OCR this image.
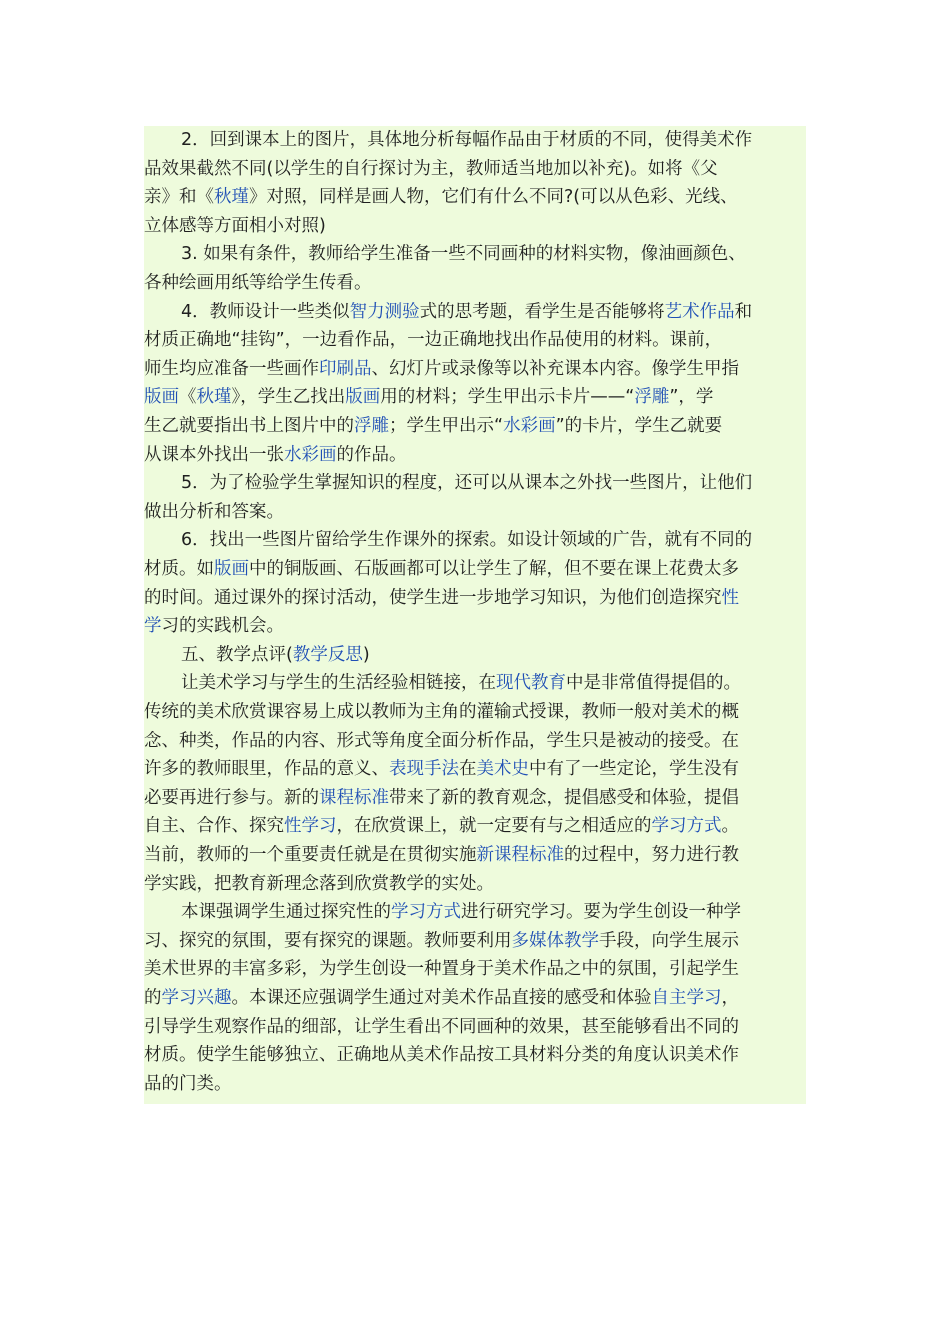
2．回到课本上的图片，具体地分析每幅作品由于材质的不同，使得美术作

品效果截然不同(以学生的自行探讨为主，教师适当地加以补充)。如将《父

亲》和《秋瑾》对照，同样是画人物，它们有什么不同?(可以从色彩、光线、

立体感等方面相小对照)

3. 如果有条件，教师给学生准备一些不同画种的材料实物，像油画颜色、

各种绘画用纸等给学生传看。

4．教师设计一些类似智力测验式的思考题，看学生是否能够将艺术作品和

材质正确地“挂钩”，一边看作品，一边正确地找出作品使用的材料。课前，

师生均应准备一些画作印刷品、幻灯片或录像等以补充课本内容。像学生甲指

版画《秋瑾》，学生乙找出版画用的材料；学生甲出示卡片——“浮雕”，学

生乙就要指出书上图片中的浮雕；学生甲出示“水彩画”的卡片，学生乙就要

从课本外找出一张水彩画的作品。

5．为了检验学生掌握知识的程度，还可以从课本之外找一些图片，让他们

做出分析和答案。

6．找出一些图片留给学生作课外的探索。如设计领域的广告，就有不同的

材质。如版画中的铜版画、石版画都可以让学生了解，但不要在课上花费太多

的时间。通过课外的探讨活动，使学生进一步地学习知识，为他们创造探究性

学习的实践机会。

五、教学点评(教学反思)

让美术学习与学生的生活经验相链接，在现代教育中是非常值得提倡的。

传统的美术欣赏课容易上成以教师为主角的灌输式授课，教师一般对美术的概

念、种类，作品的内容、形式等角度全面分析作品，学生只是被动的接受。在

许多的教师眼里，作品的意义、表现手法在美术史中有了一些定论，学生没有

必要再进行参与。新的课程标准带来了新的教育观念，提倡感受和体验，提倡

自主、合作、探究性学习，在欣赏课上，就一定要有与之相适应的学习方式。

当前，教师的一个重要责任就是在贯彻实施新课程标准的过程中，努力进行教

学实践，把教育新理念落到欣赏教学的实处。

本课强调学生通过探究性的学习方式进行研究学习。要为学生创设一种学

习、探究的氛围，要有探究的课题。教师要利用多媒体教学手段，向学生展示

美术世界的丰富多彩，为学生创设一种置身于美术作品之中的氛围，引起学生

的学习兴趣。本课还应强调学生通过对美术作品直接的感受和体验自主学习，

引导学生观察作品的细部，让学生看出不同画种的效果，甚至能够看出不同的

材质。使学生能够独立、正确地从美术作品按工具材料分类的角度认识美术作

品的门类。
